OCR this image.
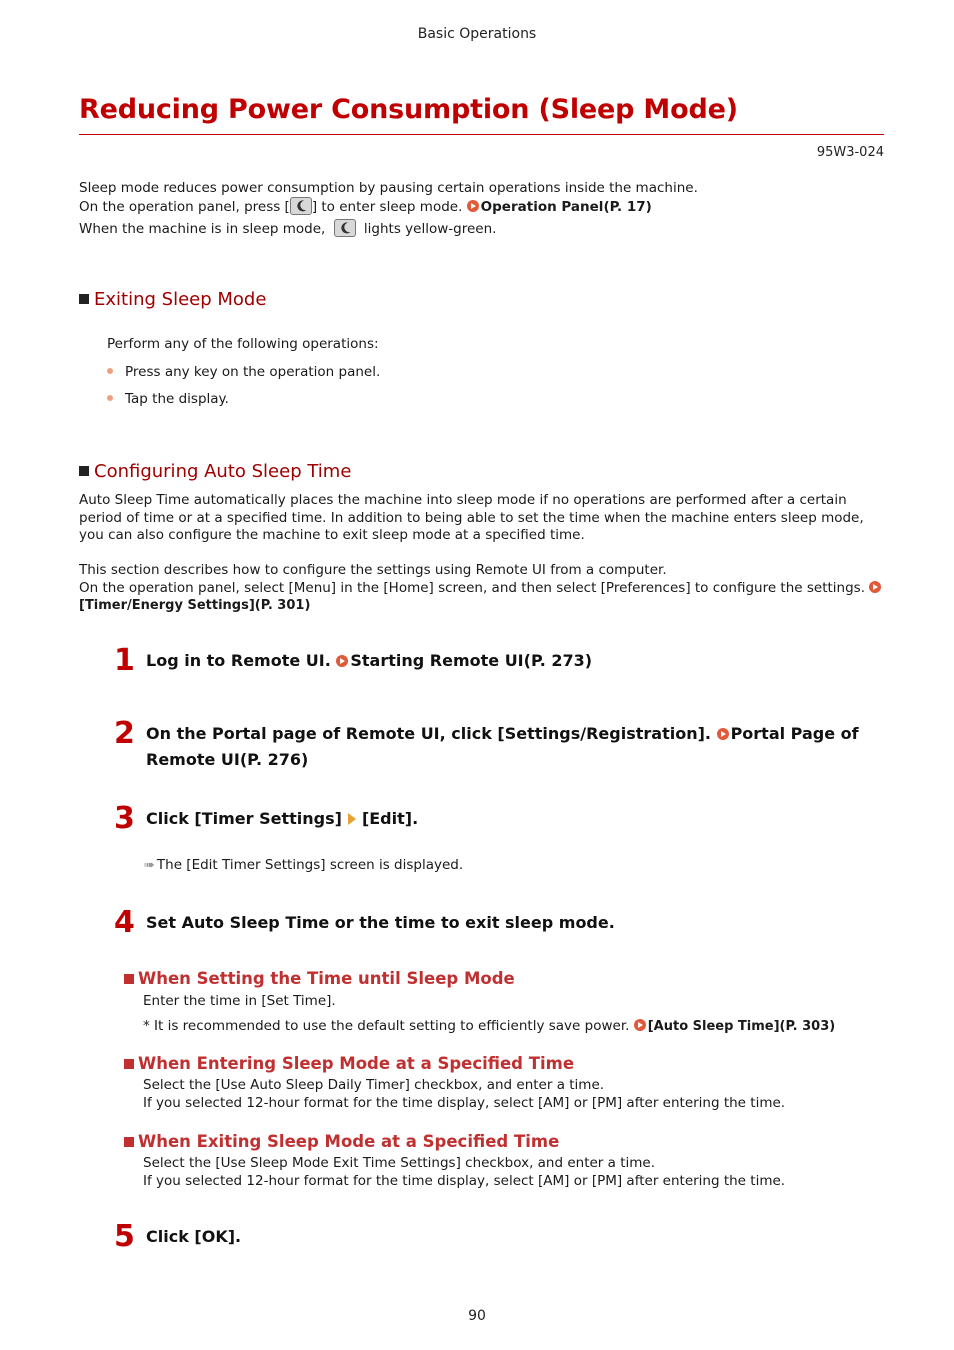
Basic Operations
Reducing Power Consumption (Sleep Mode)
95W3-024
Sleep mode reduces power consumption by pausing certain operations inside the machine.
On the operation panel, press [ ] to enter sleep mode. Operation Panel(P. 17)
When the machine is in sleep mode,	lights yellow-green.
Exiting Sleep Mode
Perform any of the following operations:
Press any key on the operation panel.
Tap the display.
Configuring Auto Sleep Time
Auto Sleep Time automatically places the machine into sleep mode if no operations are performed after a certain
period of time or at a specified time. In addition to being able to set the time when the machine enters sleep mode,
you can also configure the machine to exit sleep mode at a specified time.
This section describes how to configure the settings using Remote UI from a computer.
On the operation panel, select [Menu] in the [Home] screen, and then select [Preferences] to configure the settings.
[Timer/Energy Settings](P. 301)
1 Log in to Remote UI. Starting Remote UI(P. 273)
2 On the Portal page of Remote UI, click [Settings/Registration]. Portal Page of
Remote UI(P. 276)
3 Click [Timer Settings] [Edit].
➠ The [Edit Timer Settings] screen is displayed.
4 Set Auto Sleep Time or the time to exit sleep mode.
When Setting the Time until Sleep Mode
Enter the time in [Set Time].
* It is recommended to use the default setting to efficiently save power. [Auto Sleep Time](P. 303)
When Entering Sleep Mode at a Specified Time
Select the [Use Auto Sleep Daily Timer] checkbox, and enter a time.
If you selected 12-hour format for the time display, select [AM] or [PM] after entering the time.
When Exiting Sleep Mode at a Specified Time
Select the [Use Sleep Mode Exit Time Settings] checkbox, and enter a time.
If you selected 12-hour format for the time display, select [AM] or [PM] after entering the time.
5 Click [OK].
90
